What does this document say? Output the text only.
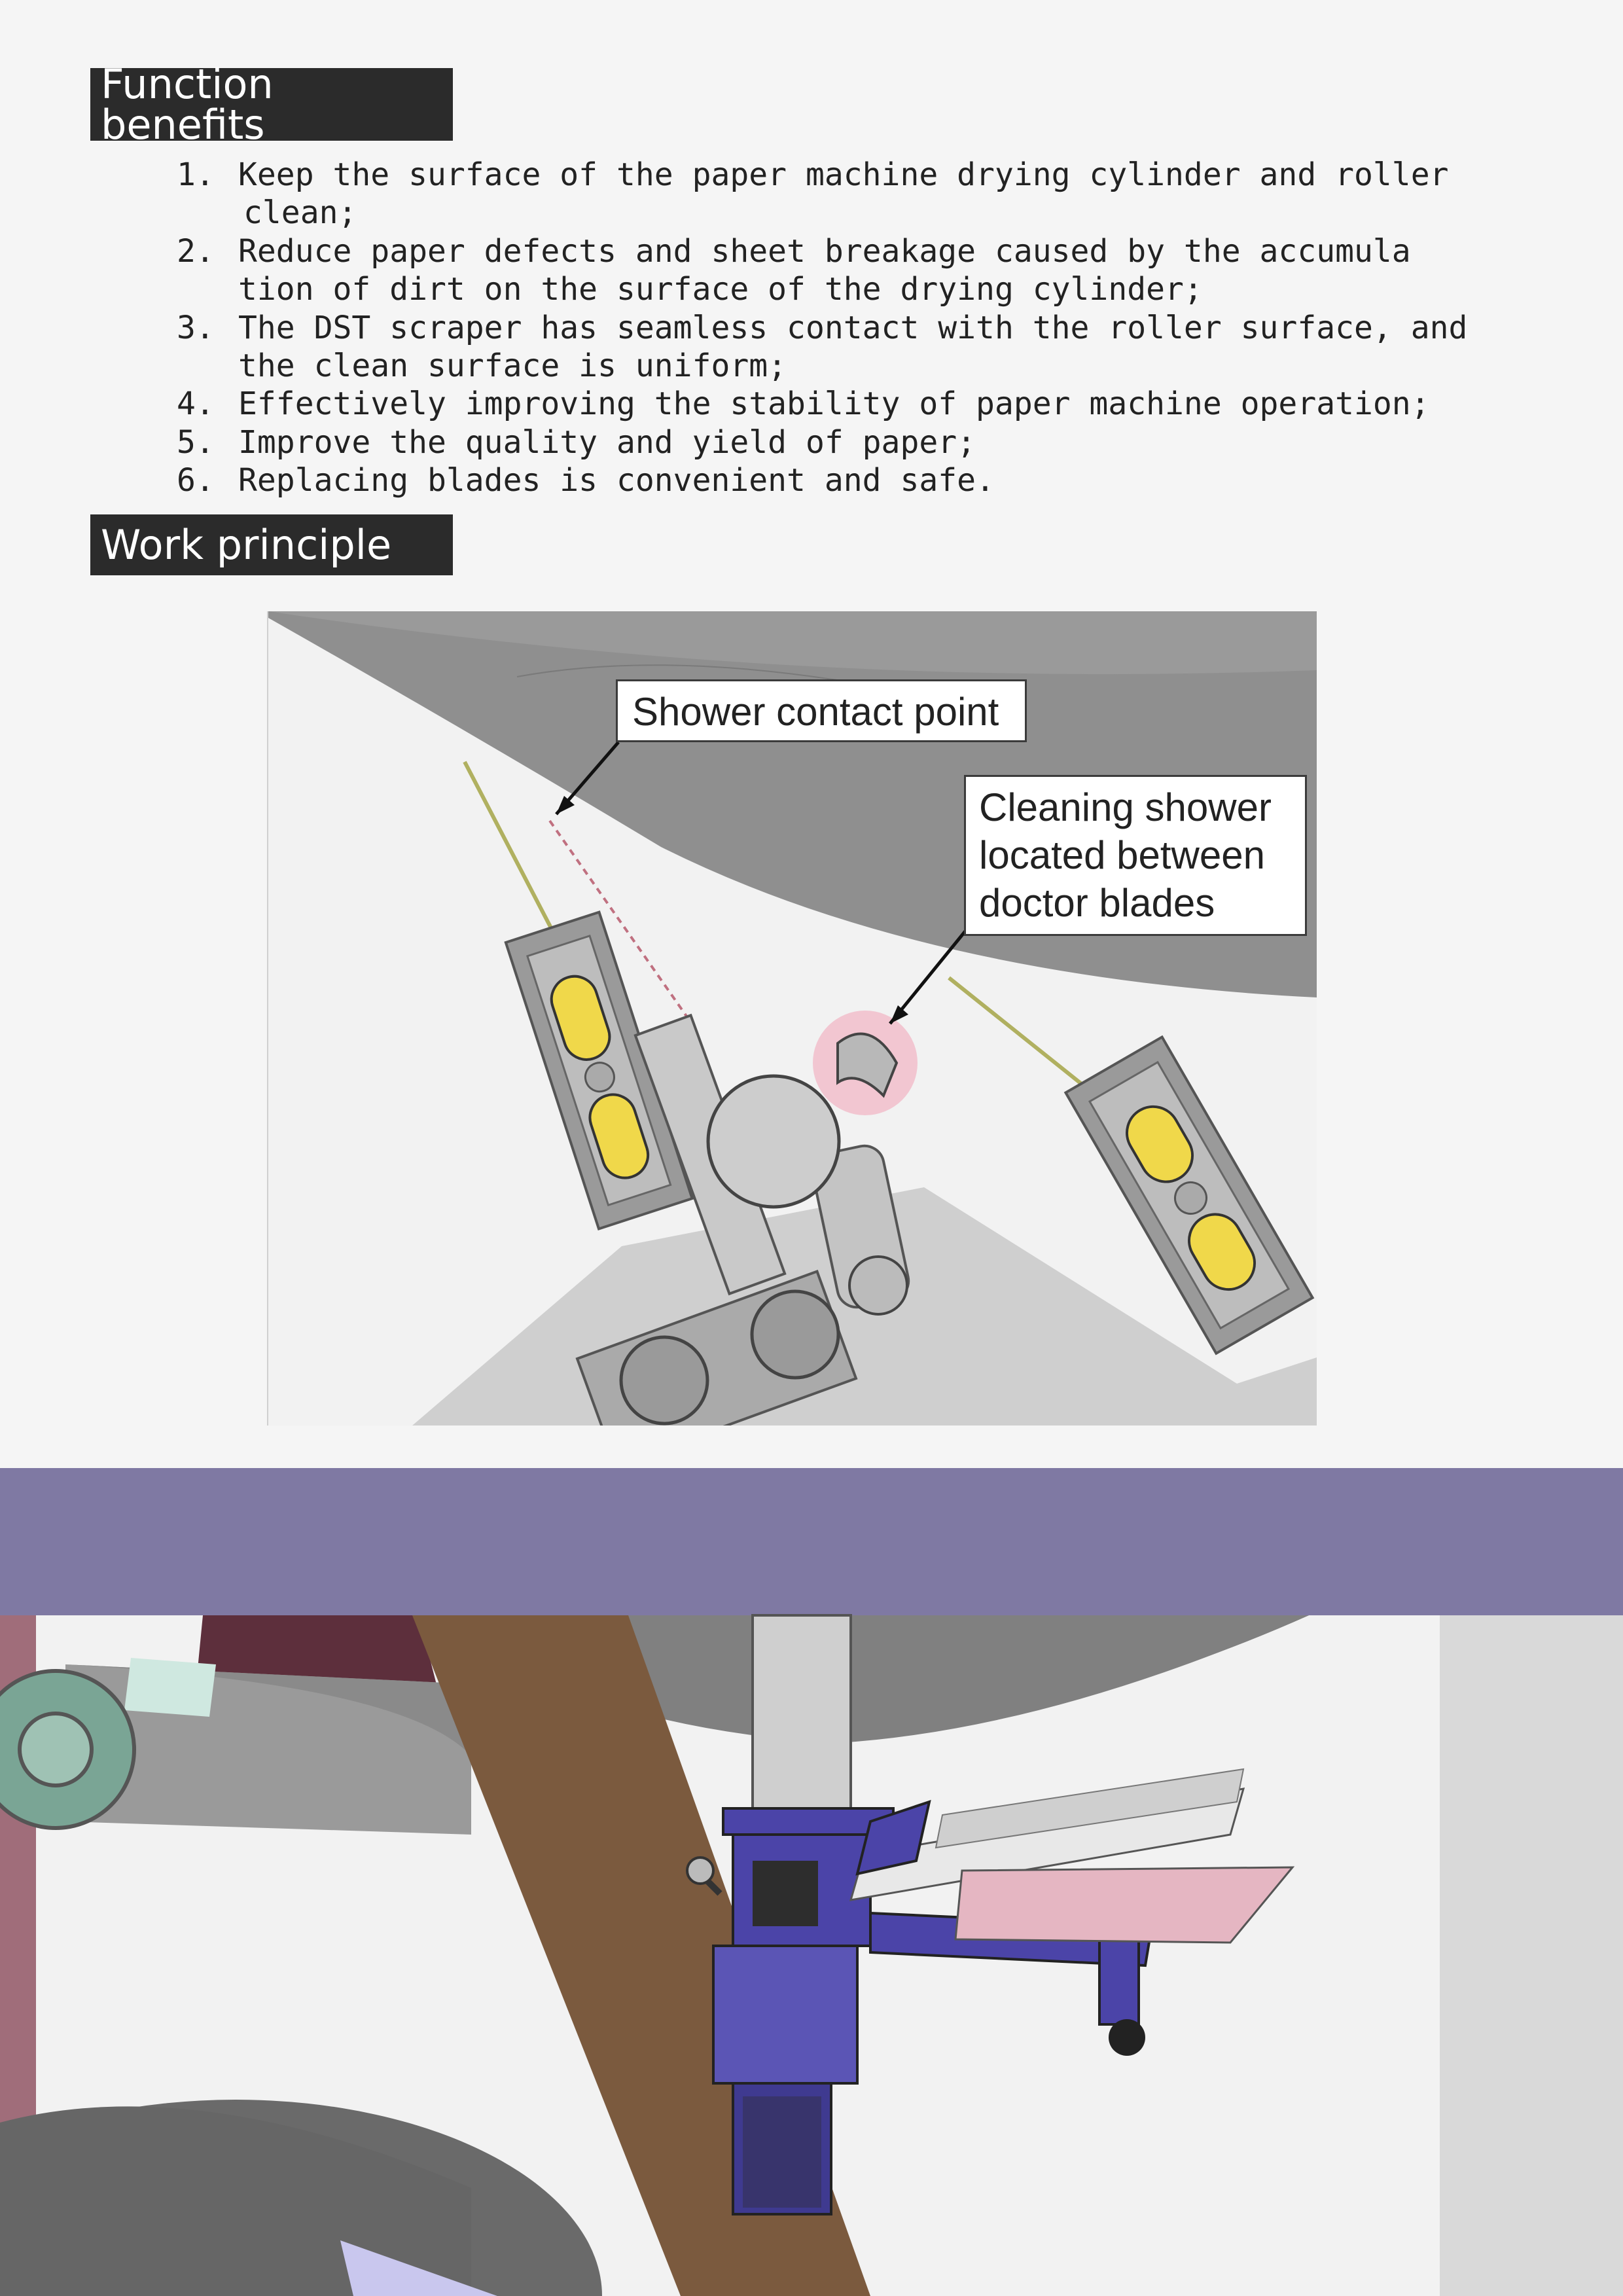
Function benefits
1. Keep the surface of the paper machine drying cylinder and roller
clean;
2. Reduce paper defects and sheet breakage caused by the accumula
tion of dirt on the surface of the drying cylinder;
3. The DST scraper has seamless contact with the roller surface, and
the clean surface is uniform;
4. Effectively improving the stability of paper machine operation;
5. Improve the quality and yield of paper;
6. Replacing blades is convenient and safe.
Work principle
Shower contact point
Cleaning shower
located between
doctor blades
